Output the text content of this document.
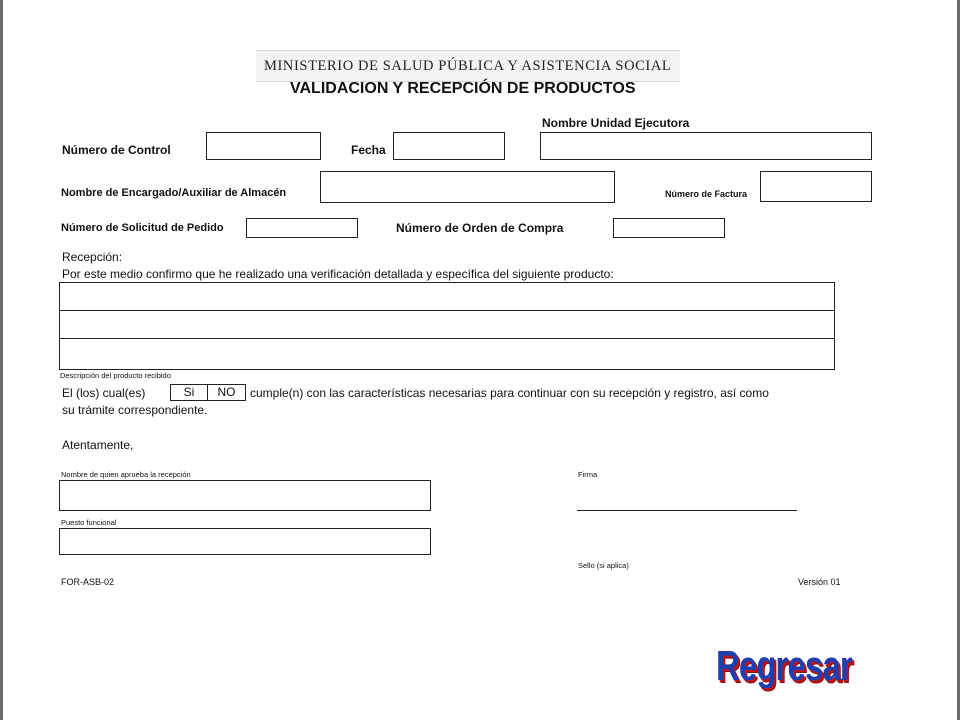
MINISTERIO DE SALUD PÚBLICA Y ASISTENCIA SOCIAL
VALIDACION Y RECEPCIÓN DE PRODUCTOS
Nombre Unidad Ejecutora
Número de Control	Fecha
Nombre de Encargado/Auxiliar de Almacén	Número de Factura
Número de Solicitud de Pedido	Número de Orden de Compra
Recepción:
Por este medio confirmo que he realizado una verificación detallada y específica del siguiente producto:
Descripción del producto recibido
El (los) cual(es)	Si	NO	cumple(n) con las características necesarias para continuar con su recepción y registro, así como
su trámite correspondiente.
Atentamente,
Nombre de quien aprueba la recepción	Firma
Puesto funcional
Sello (si aplica)
FOR-ASB-02	Versión 01
Regresar
